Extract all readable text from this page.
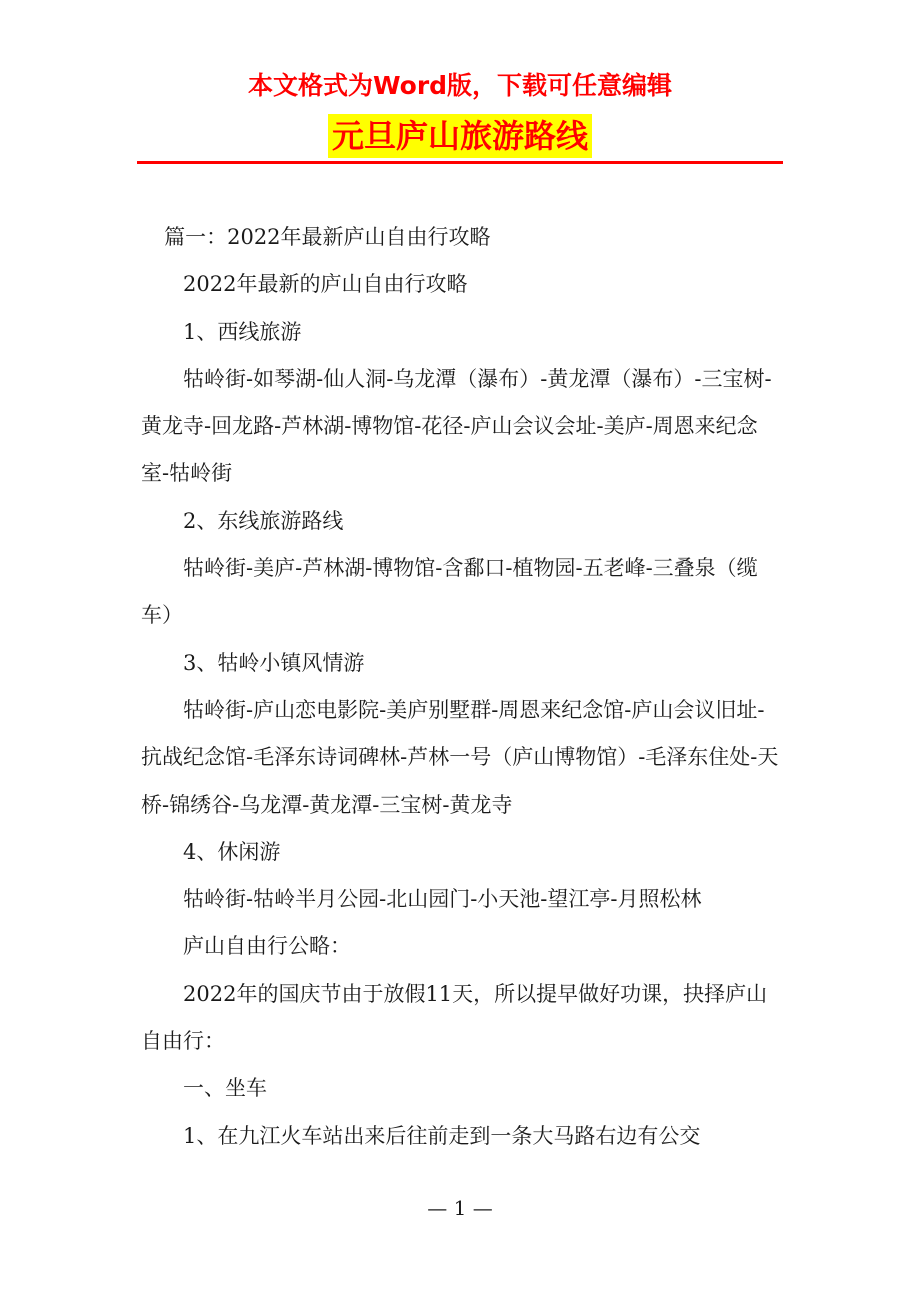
本文格式为Word版，下载可任意编辑
元旦庐山旅游路线

篇一：2022年最新庐山自由行攻略

2022年最新的庐山自由行攻略

1、西线旅游

牯岭街-如琴湖-仙人洞-乌龙潭（瀑布）-黄龙潭（瀑布）-三宝树-黄龙寺-回龙路-芦林湖-博物馆-花径-庐山会议会址-美庐-周恩来纪念室-牯岭街

2、东线旅游路线

牯岭街-美庐-芦林湖-博物馆-含鄱口-植物园-五老峰-三叠泉（缆车）

3、牯岭小镇风情游

牯岭街-庐山恋电影院-美庐别墅群-周恩来纪念馆-庐山会议旧址-抗战纪念馆-毛泽东诗词碑林-芦林一号（庐山博物馆）-毛泽东住处-天桥-锦绣谷-乌龙潭-黄龙潭-三宝树-黄龙寺

4、休闲游

牯岭街-牯岭半月公园-北山园门-小天池-望江亭-月照松林

庐山自由行公略：

2022年的国庆节由于放假11天，所以提早做好功课，抉择庐山自由行：

一、坐车

1、在九江火车站出来后往前走到一条大马路右边有公交

— 1 —
